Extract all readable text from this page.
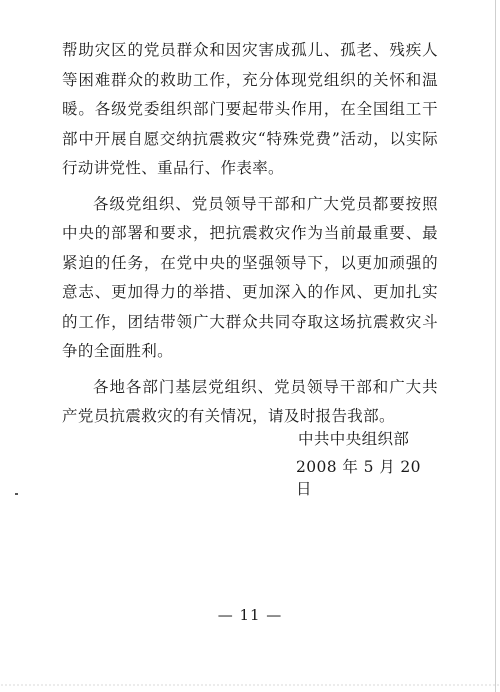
帮助灾区的党员群众和因灾害成孤儿、孤老、残疾人等困难群众的救助工作，充分体现党组织的关怀和温暖。各级党委组织部门要起带头作用，在全国组工干部中开展自愿交纳抗震救灾“特殊党费”活动，以实际行动讲党性、重品行、作表率。

各级党组织、党员领导干部和广大党员都要按照中央的部署和要求，把抗震救灾作为当前最重要、最紧迫的任务，在党中央的坚强领导下，以更加顽强的意志、更加得力的举措、更加深入的作风、更加扎实的工作，团结带领广大群众共同夺取这场抗震救灾斗争的全面胜利。

各地各部门基层党组织、党员领导干部和广大共产党员抗震救灾的有关情况，请及时报告我部。

中共中央组织部
2008 年 5 月 20 日
— 11 —
